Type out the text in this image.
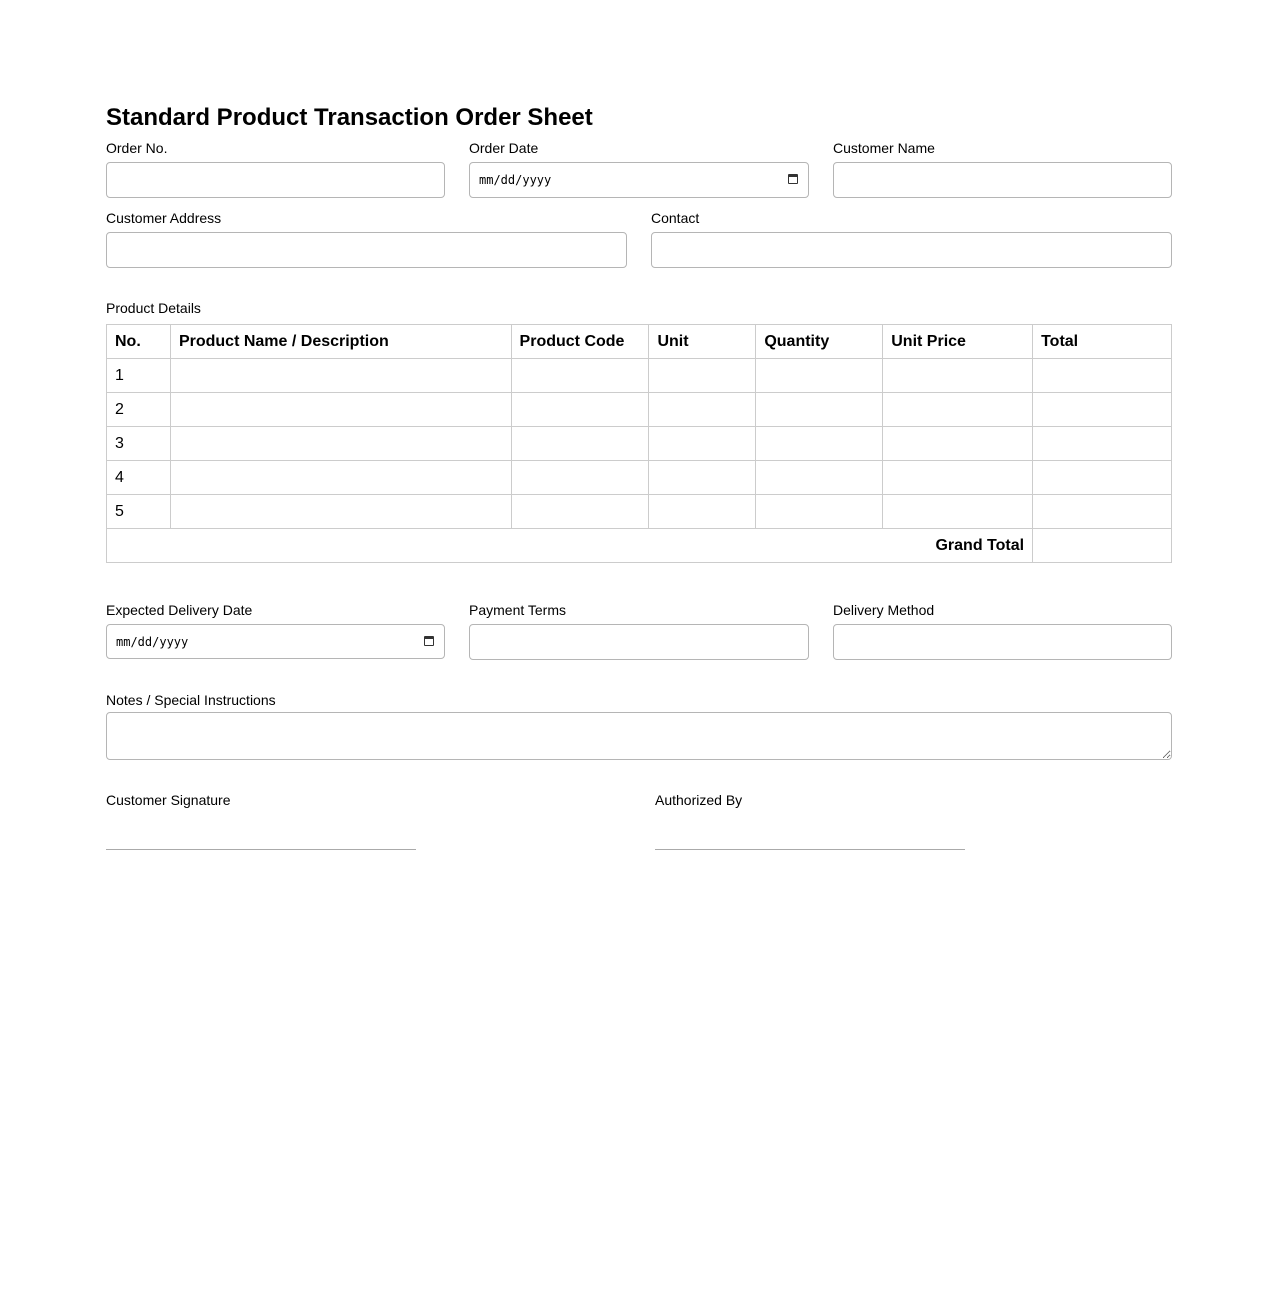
Standard Product Transaction Order Sheet
Order No.	Order Date
mm/dd/yyyy
Customer Name
Customer Address	Contact
Product Details
No.	Product Name / Description	Product Code	Unit	Quantity	Unit Price	Total
1						
2						
3						
4						
5						
Grand Total						
Expected Delivery Date
mm/dd/yyyy
Payment Terms	Delivery Method
Notes / Special Instructions
Customer Signature	Authorized By
